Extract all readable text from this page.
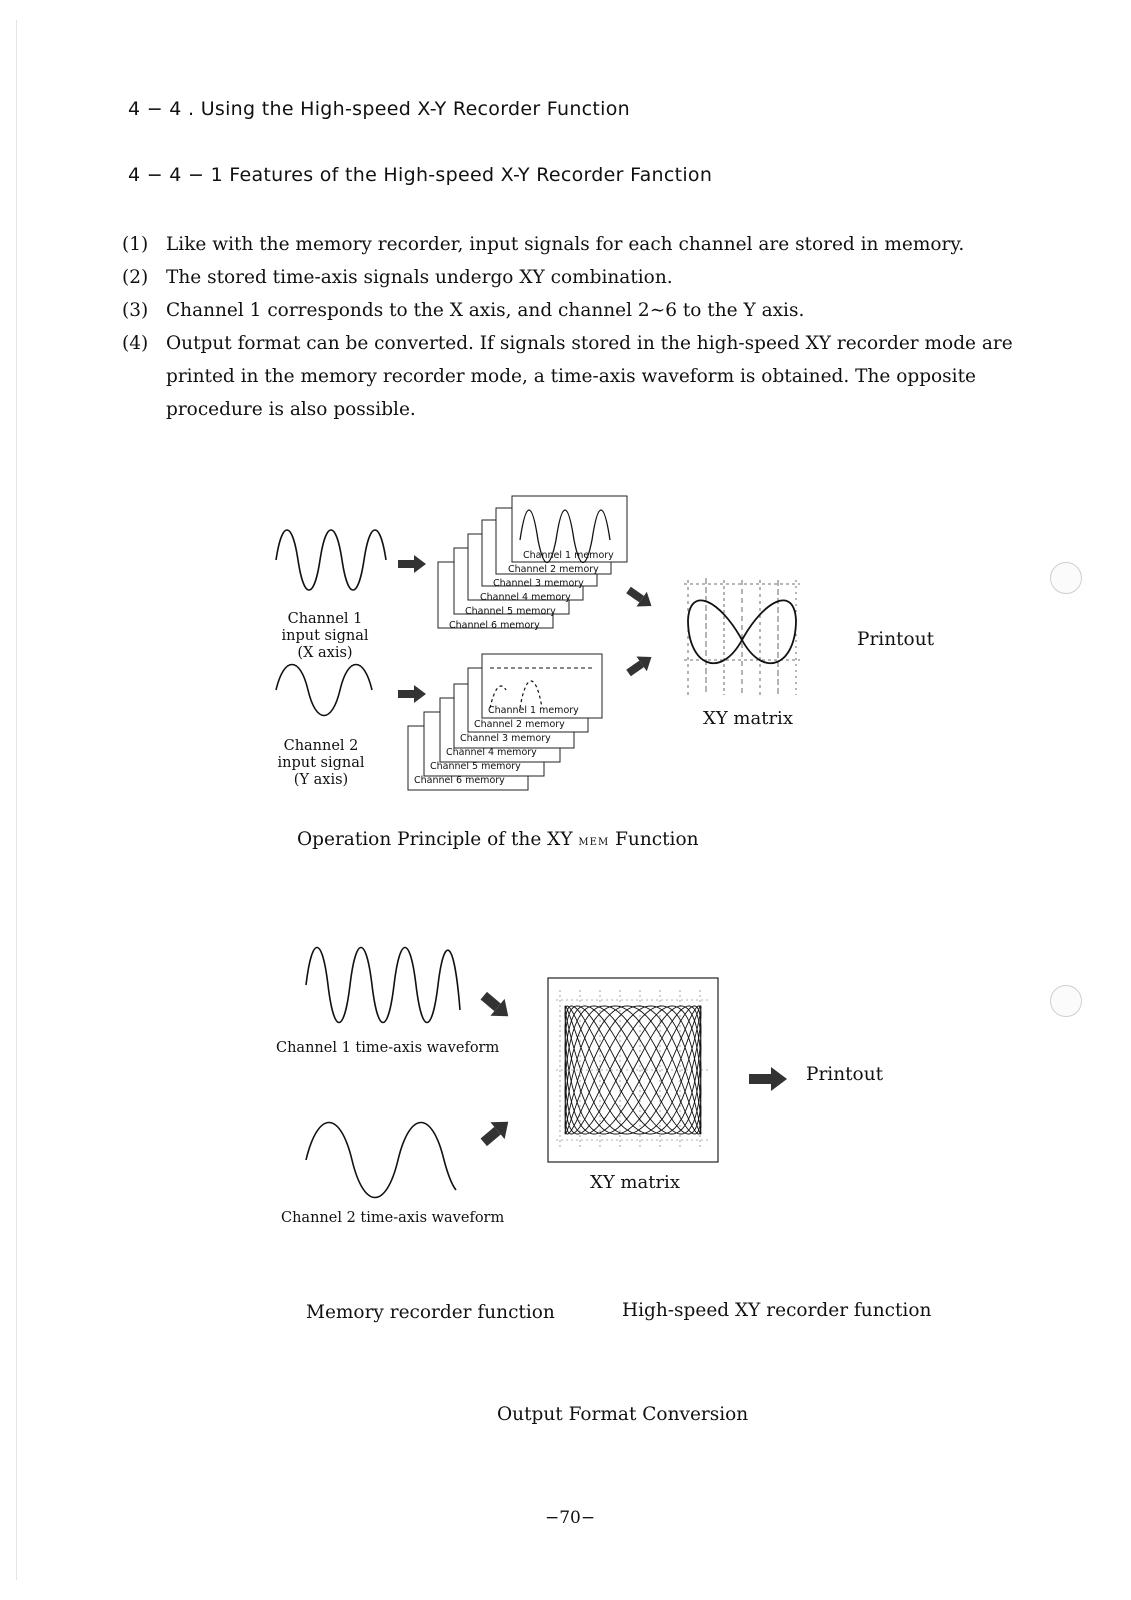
4 − 4 . Using the High-speed X-Y Recorder Function
4 − 4 − 1 Features of the High-speed X-Y Recorder Fanction
(1) Like with the memory recorder, input signals for each channel are stored in memory.
(2) The stored time-axis signals undergo XY combination.
(3) Channel 1 corresponds to the X axis, and channel 2∼6 to the Y axis.
(4) Output format can be converted. If signals stored in the high-speed XY recorder mode are printed in the memory recorder mode, a time-axis waveform is obtained. The opposite procedure is also possible.
Channel 1 memory
Channel 2 memory
Channel 3 memory
Channel 4 memory
Channel 5 memory
Channel 6 memory
Channel 1 memory
Channel 2 memory
Channel 3 memory
Channel 4 memory
Channel 5 memory
Channel 6 memory
Channel 1
input signal
(X axis)
Channel 2
input signal
(Y axis)
XY matrix
Printout
Operation Principle of the XY MEM Function
Channel 1 time-axis waveform
Channel 2 time-axis waveform
XY matrix
Printout
Memory recorder function	High-speed XY recorder function
Output Format Conversion
−70−
